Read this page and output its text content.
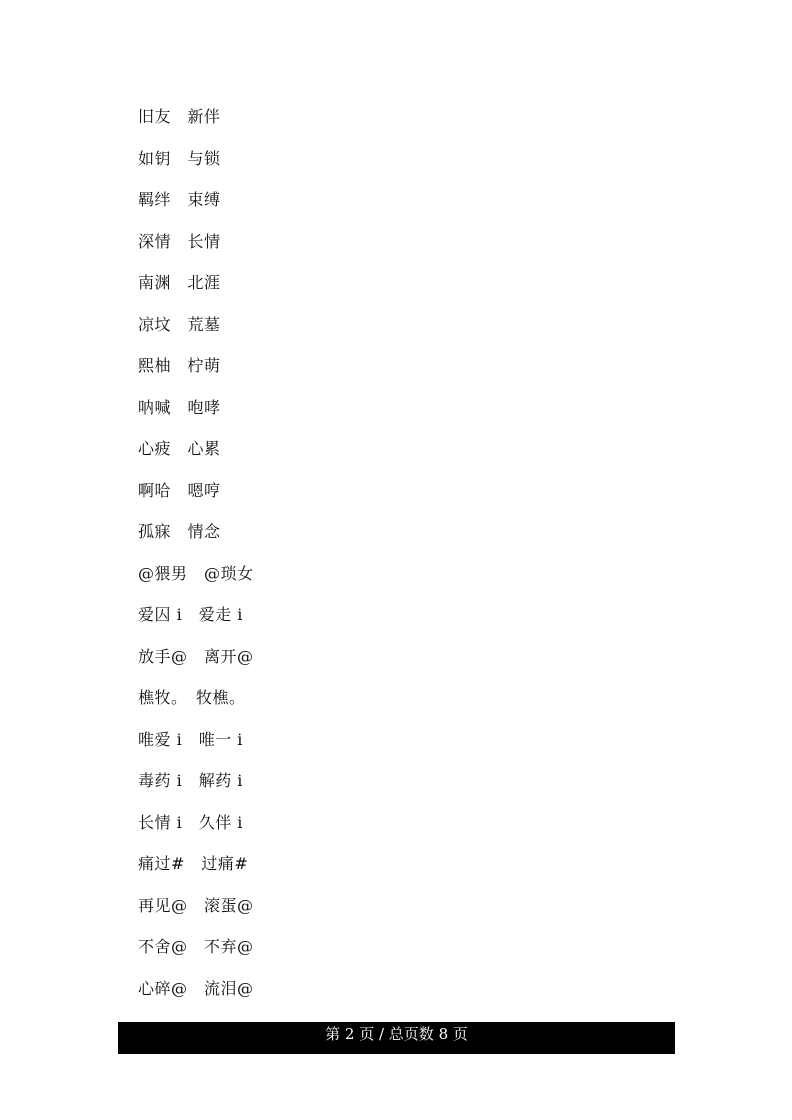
旧友　新伴
如钥　与锁
羁绊　束缚
深情　长情
南渊　北涯
凉坟　荒墓
熙柚　柠萌
呐喊　咆哮
心疲　心累
啊哈　嗯哼
孤寐　情念
@猥男　@琐女
爱囚 i　爱走 i
放手@　离开@
樵牧。　牧樵。
唯爱 i　唯一 i
毒药 i　解药 i
长情 i　久伴 i
痛过#　过痛#
再见@　滚蛋@
不舍@　不弃@
心碎@　流泪@
第 2 页 / 总页数 8 页
